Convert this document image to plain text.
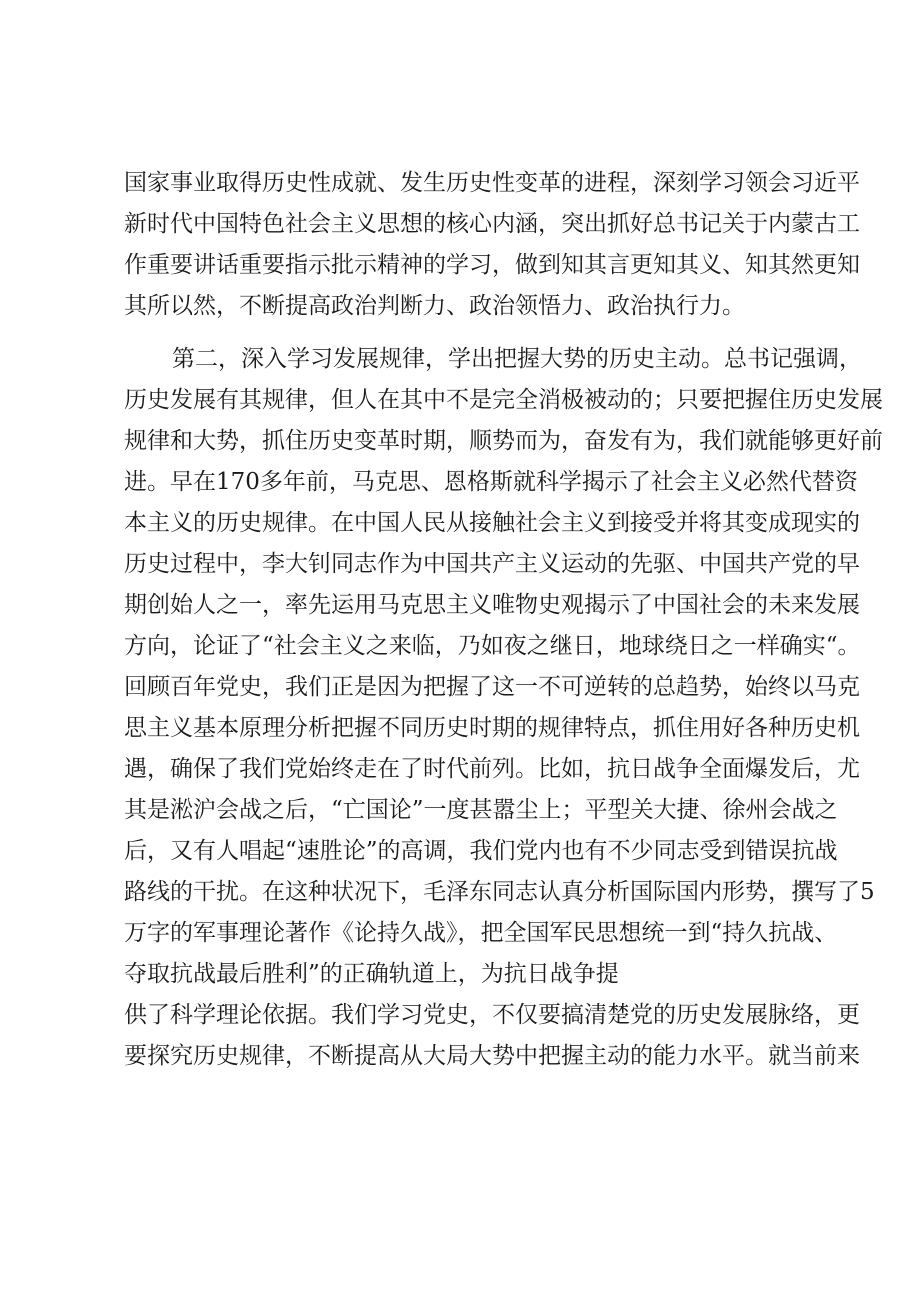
国家事业取得历史性成就、发生历史性变革的进程，深刻学习领会习近平
新时代中国特色社会主义思想的核心内涵，突出抓好总书记关于内蒙古工
作重要讲话重要指示批示精神的学习，做到知其言更知其义、知其然更知
其所以然，不断提高政治判断力、政治领悟力、政治执行力。
第二，深入学习发展规律，学出把握大势的历史主动。总书记强调，
历史发展有其规律，但人在其中不是完全消极被动的；只要把握住历史发展
规律和大势，抓住历史变革时期，顺势而为，奋发有为，我们就能够更好前
进。早在170多年前，马克思、恩格斯就科学揭示了社会主义必然代替资
本主义的历史规律。在中国人民从接触社会主义到接受并将其变成现实的
历史过程中，李大钊同志作为中国共产主义运动的先驱、中国共产党的早
期创始人之一，率先运用马克思主义唯物史观揭示了中国社会的未来发展
方向，论证了“社会主义之来临，乃如夜之继日，地球绕日之一样确实“。
回顾百年党史，我们正是因为把握了这一不可逆转的总趋势，始终以马克
思主义基本原理分析把握不同历史时期的规律特点，抓住用好各种历史机
遇，确保了我们党始终走在了时代前列。比如，抗日战争全面爆发后，尤
其是淞沪会战之后，“亡国论”一度甚嚣尘上；平型关大捷、徐州会战之
后，又有人唱起“速胜论”的高调，我们党内也有不少同志受到错误抗战
路线的干扰。在这种状况下，毛泽东同志认真分析国际国内形势，撰写了5
万字的军事理论著作《论持久战》，把全国军民思想统一到“持久抗战、
夺取抗战最后胜利”的正确轨道上，为抗日战争提
供了科学理论依据。我们学习党史，不仅要搞清楚党的历史发展脉络，更
要探究历史规律，不断提高从大局大势中把握主动的能力水平。就当前来
